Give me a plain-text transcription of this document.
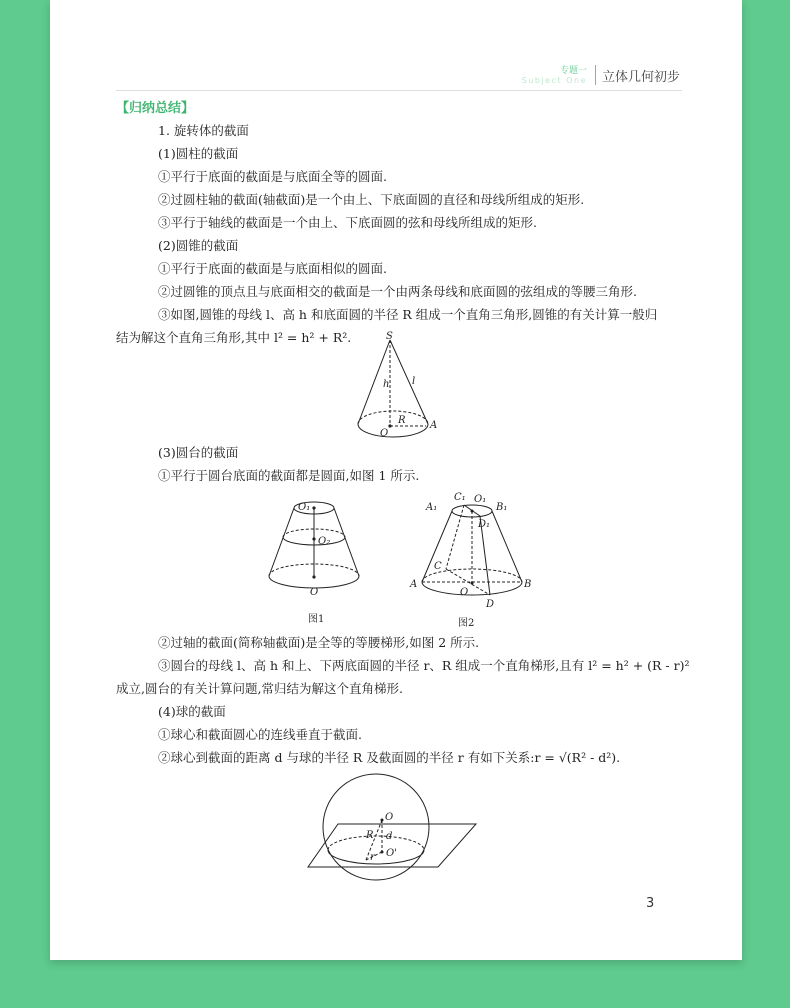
专题一
Subject One 立体几何初步
【归纳总结】
1. 旋转体的截面
(1)圆柱的截面
①平行于底面的截面是与底面全等的圆面.
②过圆柱轴的截面(轴截面)是一个由上、下底面圆的直径和母线所组成的矩形.
③平行于轴线的截面是一个由上、下底面圆的弦和母线所组成的矩形.
(2)圆锥的截面
①平行于底面的截面是与底面相似的圆面.
②过圆锥的顶点且与底面相交的截面是一个由两条母线和底面圆的弦组成的等腰三角形.
③如图,圆锥的母线 l、高 h 和底面圆的半径 R 组成一个直角三角形,圆锥的有关计算一般归
结为解这个直角三角形,其中 l² = h² + R².	S
l
h
R
O
A
(3)圆台的截面
①平行于圆台底面的截面都是圆面,如图 1 所示.
O₁
O₂
O
图1
A₁
C₁ O₁
B₁
D₁
C
A
O
B
D
图2
②过轴的截面(简称轴截面)是全等的等腰梯形,如图 2 所示.
③圆台的母线 l、高 h 和上、下两底面圆的半径 r、R 组成一个直角梯形,且有 l² = h² + (R - r)²
成立,圆台的有关计算问题,常归结为解这个直角梯形.
(4)球的截面
①球心和截面圆心的连线垂直于截面.
②球心到截面的距离 d 与球的半径 R 及截面圆的半径 r 有如下关系:r = √(R² - d²).
O
R d
O'
r
3
